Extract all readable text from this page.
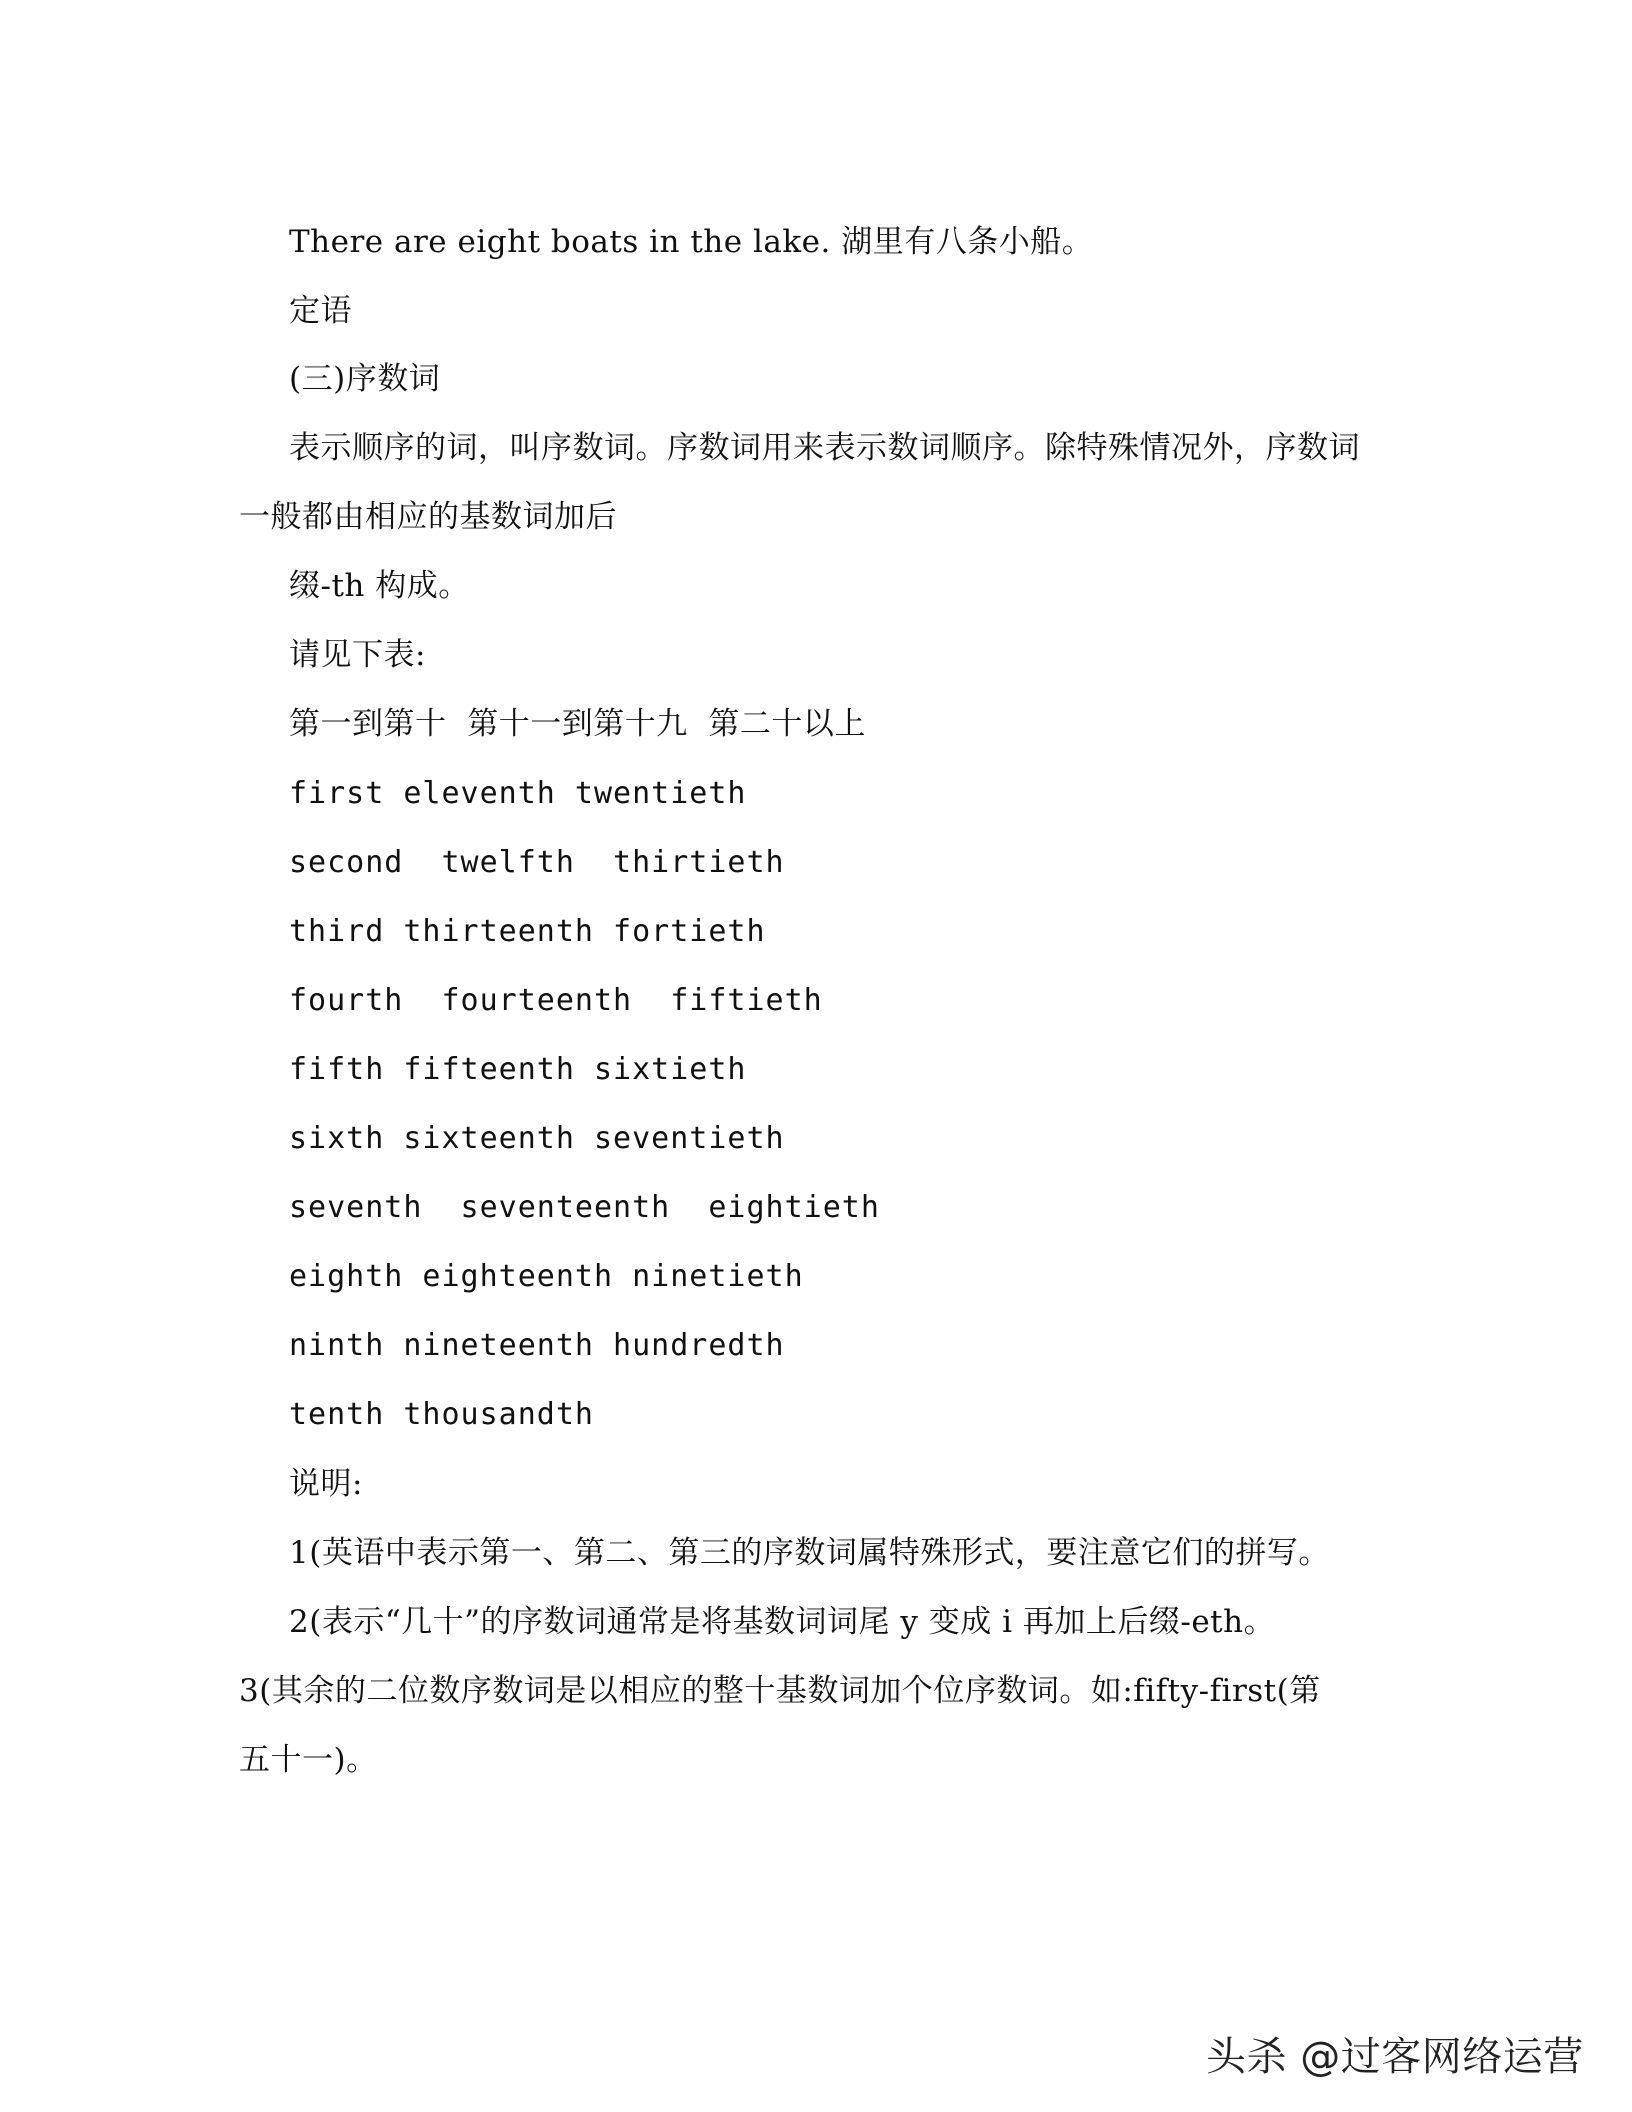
There are eight boats in the lake. 湖里有八条小船。
定语
(三)序数词
表示顺序的词，叫序数词。序数词用来表示数词顺序。除特殊情况外，序数词
一般都由相应的基数词加后
缀-th 构成。
请见下表:
第一到第十  第十一到第十九  第二十以上
first eleventh twentieth
second  twelfth  thirtieth
third thirteenth fortieth
fourth  fourteenth  fiftieth
fifth fifteenth sixtieth
sixth sixteenth seventieth
seventh  seventeenth  eightieth
eighth eighteenth ninetieth
ninth nineteenth hundredth
tenth thousandth
说明:
1(英语中表示第一、第二、第三的序数词属特殊形式，要注意它们的拼写。
2(表示“几十”的序数词通常是将基数词词尾 y 变成 i 再加上后缀-eth。
3(其余的二位数序数词是以相应的整十基数词加个位序数词。如:fifty-first(第
五十一)。
头杀 @过客网络运营
